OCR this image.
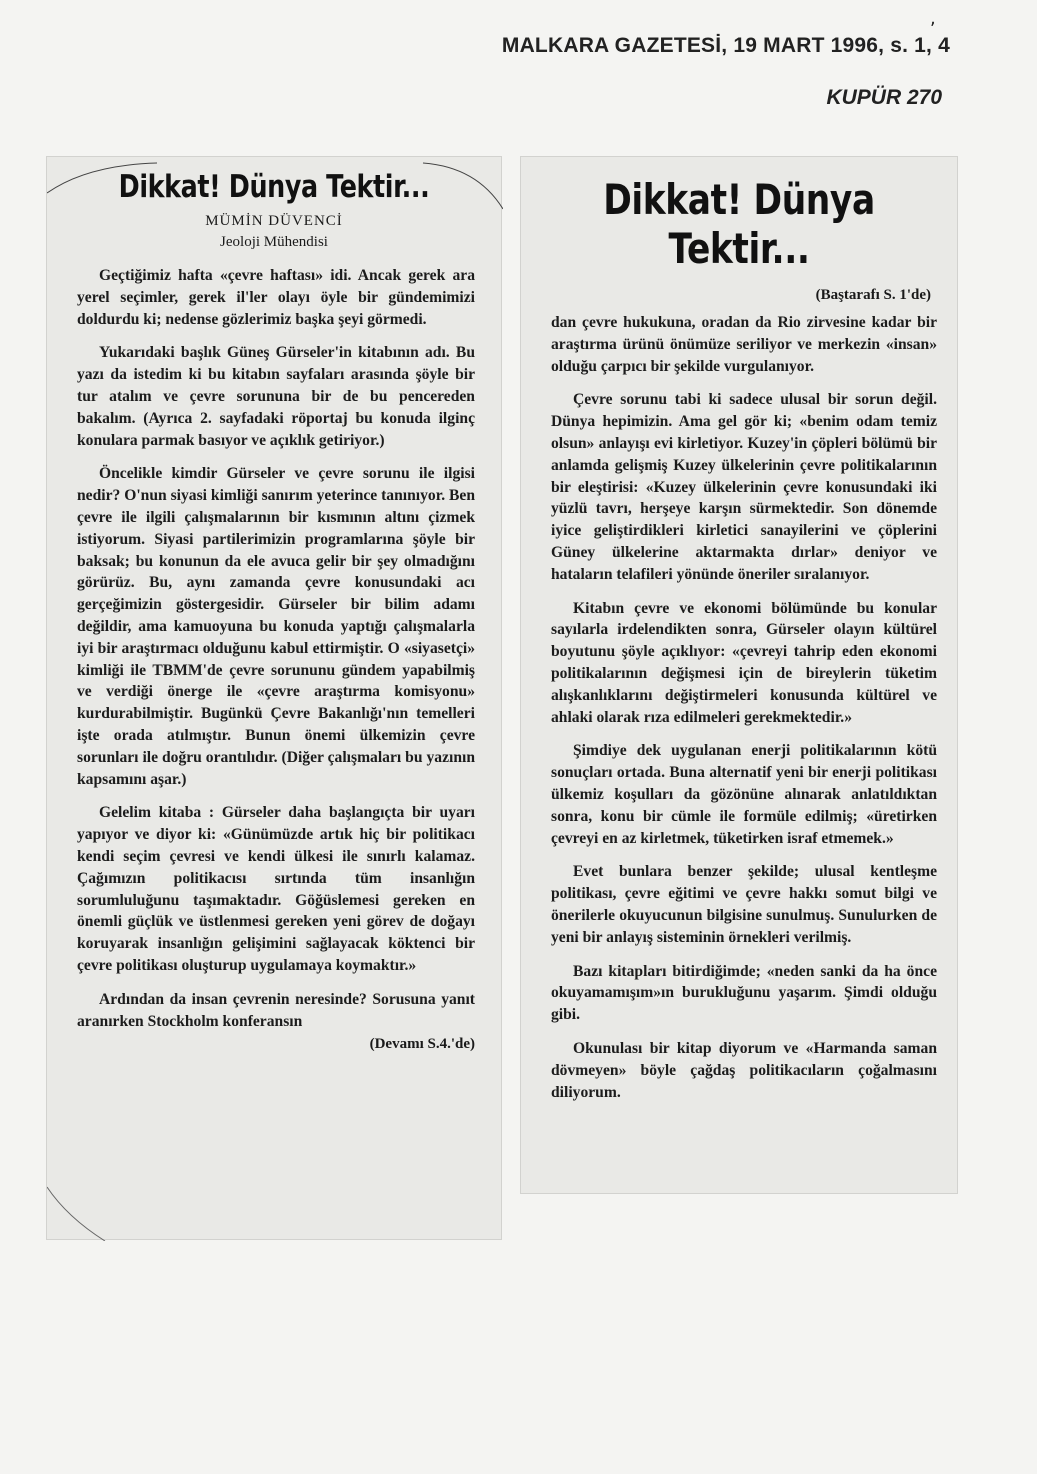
,
MALKARA GAZETESİ, 19 MART 1996, s. 1, 4
KUPÜR 270
Dikkat! Dünya Tektir...
MÜMİN DÜVENCİ
Jeoloji Mühendisi

Geçtiğimiz hafta «çevre haftası» idi. Ancak gerek ara yerel seçimler, gerek il'ler olayı öyle bir gündemimizi doldurdu ki; nedense gözlerimiz başka şeyi görmedi.

Yukarıdaki başlık Güneş Gürseler'in kitabının adı. Bu yazı da istedim ki bu kitabın sayfaları arasında şöyle bir tur atalım ve çevre sorununa bir de bu pencereden bakalım. (Ayrıca 2. sayfadaki röportaj bu konuda ilginç konulara parmak basıyor ve açıklık getiriyor.)

Öncelikle kimdir Gürseler ve çevre sorunu ile ilgisi nedir? O'nun siyasi kimliği sanırım yeterince tanınıyor. Ben çevre ile ilgili çalışmalarının bir kısmının altını çizmek istiyorum. Siyasi partilerimizin programlarına şöyle bir baksak; bu konunun da ele avuca gelir bir şey olmadığını görürüz. Bu, aynı zamanda çevre konusundaki acı gerçeğimizin göstergesidir. Gürseler bir bilim adamı değildir, ama kamuoyuna bu konuda yaptığı çalışmalarla iyi bir araştırmacı olduğunu kabul ettirmiştir. O «siyasetçi» kimliği ile TBMM'de çevre sorununu gündem yapabilmiş ve verdiği önerge ile «çevre araştırma komisyonu» kurdurabilmiştir. Bugünkü Çevre Bakanlığı'nın temelleri işte orada atılmıştır. Bunun önemi ülkemizin çevre sorunları ile doğru orantılıdır. (Diğer çalışmaları bu yazının kapsamını aşar.)

Gelelim kitaba : Gürseler daha başlangıçta bir uyarı yapıyor ve diyor ki: «Günümüzde artık hiç bir politikacı kendi seçim çevresi ve kendi ülkesi ile sınırlı kalamaz. Çağımızın politikacısı sırtında tüm insanlığın sorumluluğunu taşımaktadır. Göğüslemesi gereken en önemli güçlük ve üstlenmesi gereken yeni görev de doğayı koruyarak insanlığın gelişimini sağlayacak köktenci bir çevre politikası oluşturup uygulamaya koymaktır.»

Ardından da insan çevrenin neresinde? Sorusuna yanıt aranırken Stockholm konferansın

(Devamı S.4.'de)
Dikkat! Dünya Tektir...
(Baştarafı S. 1'de)

dan çevre hukukuna, oradan da Rio zirvesine kadar bir araştırma ürünü önümüze seriliyor ve merkezin «insan» olduğu çarpıcı bir şekilde vurgulanıyor.

Çevre sorunu tabi ki sadece ulusal bir sorun değil. Dünya hepimizin. Ama gel gör ki; «benim odam temiz olsun» anlayışı evi kirletiyor. Kuzey'in çöpleri bölümü bir anlamda gelişmiş Kuzey ülkelerinin çevre politikalarının bir eleştirisi: «Kuzey ülkelerinin çevre konusundaki iki yüzlü tavrı, herşeye karşın sürmektedir. Son dönemde iyice geliştirdikleri kirletici sanayilerini ve çöplerini Güney ülkelerine aktarmakta dırlar» deniyor ve hataların telafileri yönünde öneriler sıralanıyor.

Kitabın çevre ve ekonomi bölümünde bu konular sayılarla irdelendikten sonra, Gürseler olayın kültürel boyutunu şöyle açıklıyor: «çevreyi tahrip eden ekonomi politikalarının değişmesi için de bireylerin tüketim alışkanlıklarını değiştirmeleri konusunda kültürel ve ahlaki olarak rıza edilmeleri gerekmektedir.»

Şimdiye dek uygulanan enerji politikalarının kötü sonuçları ortada. Buna alternatif yeni bir enerji politikası ülkemiz koşulları da gözönüne alınarak anlatıldıktan sonra, konu bir cümle ile formüle edilmiş; «üretirken çevreyi en az kirletmek, tüketirken israf etmemek.»

Evet bunlara benzer şekilde; ulusal kentleşme politikası, çevre eğitimi ve çevre hakkı somut bilgi ve önerilerle okuyucunun bilgisine sunulmuş. Sunulurken de yeni bir anlayış sisteminin örnekleri verilmiş.

Bazı kitapları bitirdiğimde; «neden sanki da ha önce okuyamamışım»ın burukluğunu yaşarım. Şimdi olduğu gibi.

Okunulası bir kitap diyorum ve «Harmanda saman dövmeyen» böyle çağdaş politikacıların çoğalmasını diliyorum.
